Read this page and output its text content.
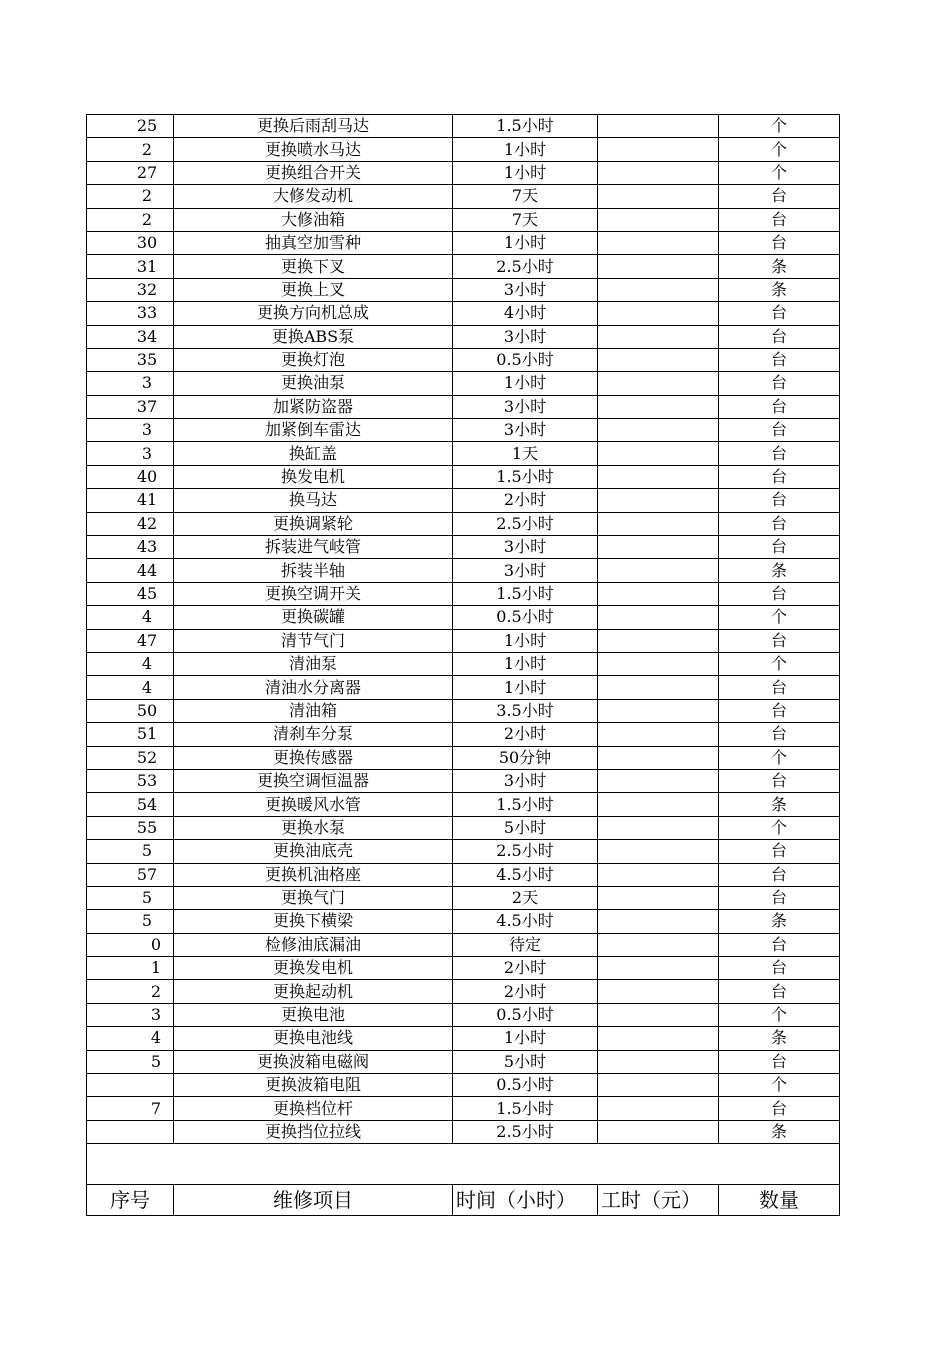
25	更换后雨刮马达	1.5小时		个
2	更换喷水马达	1小时		个
27	更换组合开关	1小时		个
2	大修发动机	7天		台
2	大修油箱	7天		台
30	抽真空加雪种	1小时		台
31	更换下叉	2.5小时		条
32	更换上叉	3小时		条
33	更换方向机总成	4小时		台
34	更换ABS泵	3小时		台
35	更换灯泡	0.5小时		台
3	更换油泵	1小时		台
37	加紧防盗器	3小时		台
3	加紧倒车雷达	3小时		台
3	换缸盖	1天		台
40	换发电机	1.5小时		台
41	换马达	2小时		台
42	更换调紧轮	2.5小时		台
43	拆装进气岐管	3小时		台
44	拆装半轴	3小时		条
45	更换空调开关	1.5小时		台
4	更换碳罐	0.5小时		个
47	清节气门	1小时		台
4	清油泵	1小时		个
4	清油水分离器	1小时		台
50	清油箱	3.5小时		台
51	清刹车分泵	2小时		台
52	更换传感器	50分钟		个
53	更换空调恒温器	3小时		台
54	更换暖风水管	1.5小时		条
55	更换水泵	5小时		个
5	更换油底壳	2.5小时		台
57	更换机油格座	4.5小时		台
5	更换气门	2天		台
5	更换下横梁	4.5小时		条
0	检修油底漏油	待定		台
1	更换发电机	2小时		台
2	更换起动机	2小时		台
3	更换电池	0.5小时		个
4	更换电池线	1小时		条
5	更换波箱电磁阀	5小时		台
	更换波箱电阻	0.5小时		个
7	更换档位杆	1.5小时		台
	更换挡位拉线	2.5小时		条

序号	维修项目	时间（小时）	工时（元）	数量
